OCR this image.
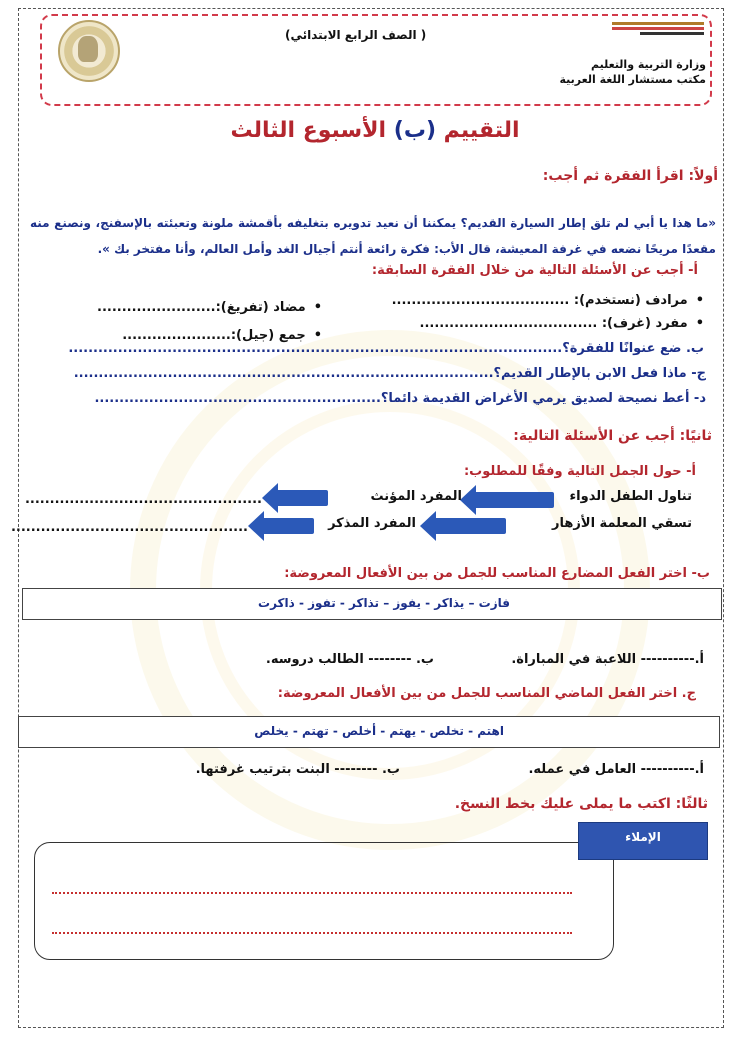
( الصف الرابع الابتدائي)
وزارة التربية والتعليم
مكتب مستشار اللغة العربية
التقييم (ب) الأسبوع الثالث
أولاً: اقرأ الفقرة ثم أجب:
«ما هذا يا أبي لم تلق إطار السيارة القديم؟ يمكننا أن نعيد تدويره بتغليفه بأقمشة ملونة وتعبئته بالإسفنج، ونصنع منه مقعدًا مريحًا نضعه في غرفة المعيشة، قال الأب: فكرة رائعة أنتم أجيال الغد وأمل العالم، وأنا مفتخر بك ».
أ- أجب عن الأسئلة التالية من خلال الفقرة السابقة:
• مرادف (نستخدم): ....................................
• مضاد (تفريغ):........................
• مفرد (غرف): ....................................
• جمع (جيل):......................
ب. ضع عنوانًا للفقرة؟....................................................................................................
ج- ماذا فعل الابن بالإطار القديم؟.....................................................................................
د- أعط نصيحة لصديق يرمي الأغراض القديمة دائما؟..........................................................
ثانيًا: أجب عن الأسئلة التالية:
أ- حول الجمل التالية وفقًا للمطلوب:
تناول الطفل الدواء
المفرد المؤنث
................................................
تسقي المعلمة الأزهار
المفرد المذكر
................................................
ب- اختر الفعل المضارع المناسب للجمل من بين الأفعال المعروضة:
فازت – يذاكر - يفوز – تذاكر - تفوز - ذاكرت
أ.---------- اللاعبة في المباراة.
ب. -------- الطالب دروسه.
ج. اختر الفعل الماضي المناسب للجمل من بين الأفعال المعروضة:
اهتم - تخلص - يهتم - أخلص - تهتم - يخلص
أ.---------- العامل في عمله.
ب. -------- البنت بترتيب غرفتها.
ثالثًا: اكتب ما يملى عليك بخط النسخ.
الإملاء
